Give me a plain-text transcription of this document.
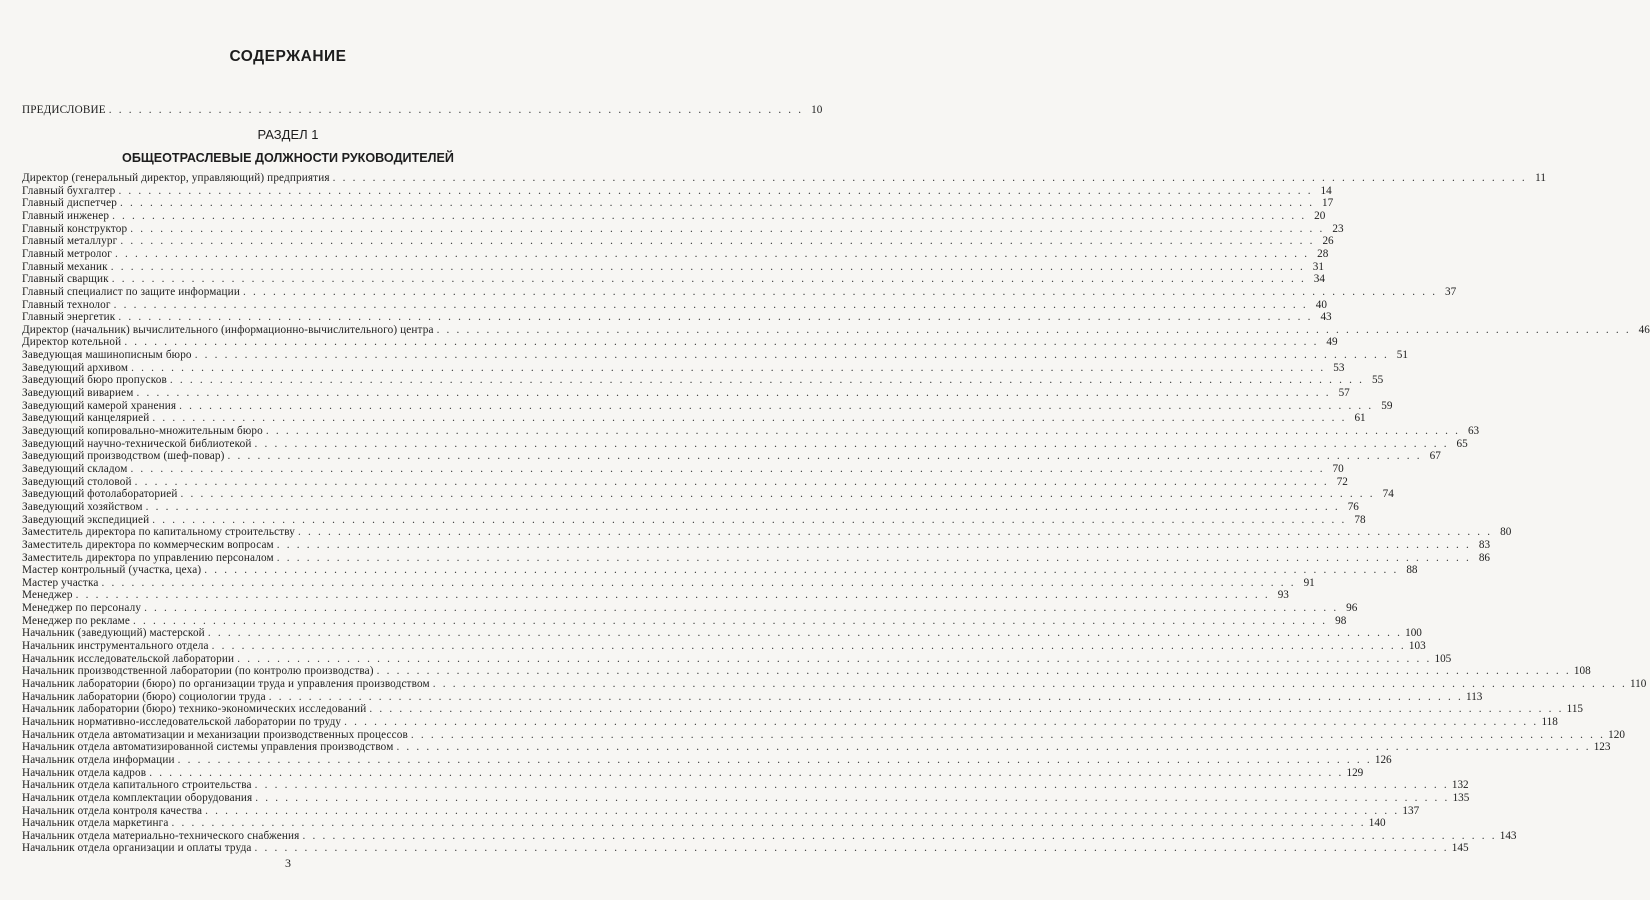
СОДЕРЖАНИЕ
ПРЕДИСЛОВИЕ . . . . . . . . . . . . . . . . . . . . . . . . . . . . . . . . . . . . . . . . . . . . . . . . . . . . . . . . . . . . . . . . . . . . . . 10
РАЗДЕЛ 1
ОБЩЕОТРАСЛЕВЫЕ ДОЛЖНОСТИ РУКОВОДИТЕЛЕЙ
Директор (генеральный директор, управляющий) предприятия . . . . . . . . . . . . . . . . . . . . . . . . . . . . . . . . . . . . . . . . . . . . . . . . . . . . . . . . . . . . . . . . . . . . . . . . . . . . . . . . . . . . . . . . . . . . . . . . . . . . . . . . . . . . . . . . . . . . . . . . 11
Главный бухгалтер . . . . . . . . . . . . . . . . . . . . . . . . . . . . . . . . . . . . . . . . . . . . . . . . . . . . . . . . . . . . . . . . . . . . . . . . . . . . . . . . . . . . . . . . . . . . . . . . . . . . . . . . . . . . . . . . . . . . . . . . 14
Главный диспетчер . . . . . . . . . . . . . . . . . . . . . . . . . . . . . . . . . . . . . . . . . . . . . . . . . . . . . . . . . . . . . . . . . . . . . . . . . . . . . . . . . . . . . . . . . . . . . . . . . . . . . . . . . . . . . . . . . . . . . . . . 17
Главный инженер . . . . . . . . . . . . . . . . . . . . . . . . . . . . . . . . . . . . . . . . . . . . . . . . . . . . . . . . . . . . . . . . . . . . . . . . . . . . . . . . . . . . . . . . . . . . . . . . . . . . . . . . . . . . . . . . . . . . . . . . 20
Главный конструктор . . . . . . . . . . . . . . . . . . . . . . . . . . . . . . . . . . . . . . . . . . . . . . . . . . . . . . . . . . . . . . . . . . . . . . . . . . . . . . . . . . . . . . . . . . . . . . . . . . . . . . . . . . . . . . . . . . . . . . . . 23
Главный металлург . . . . . . . . . . . . . . . . . . . . . . . . . . . . . . . . . . . . . . . . . . . . . . . . . . . . . . . . . . . . . . . . . . . . . . . . . . . . . . . . . . . . . . . . . . . . . . . . . . . . . . . . . . . . . . . . . . . . . . . . 26
Главный метролог . . . . . . . . . . . . . . . . . . . . . . . . . . . . . . . . . . . . . . . . . . . . . . . . . . . . . . . . . . . . . . . . . . . . . . . . . . . . . . . . . . . . . . . . . . . . . . . . . . . . . . . . . . . . . . . . . . . . . . . . 28
Главный механик . . . . . . . . . . . . . . . . . . . . . . . . . . . . . . . . . . . . . . . . . . . . . . . . . . . . . . . . . . . . . . . . . . . . . . . . . . . . . . . . . . . . . . . . . . . . . . . . . . . . . . . . . . . . . . . . . . . . . . . . 31
Главный сварщик . . . . . . . . . . . . . . . . . . . . . . . . . . . . . . . . . . . . . . . . . . . . . . . . . . . . . . . . . . . . . . . . . . . . . . . . . . . . . . . . . . . . . . . . . . . . . . . . . . . . . . . . . . . . . . . . . . . . . . . . 34
Главный специалист по защите информации . . . . . . . . . . . . . . . . . . . . . . . . . . . . . . . . . . . . . . . . . . . . . . . . . . . . . . . . . . . . . . . . . . . . . . . . . . . . . . . . . . . . . . . . . . . . . . . . . . . . . . . . . . . . . . . . . . . . . . . . 37
Главный технолог . . . . . . . . . . . . . . . . . . . . . . . . . . . . . . . . . . . . . . . . . . . . . . . . . . . . . . . . . . . . . . . . . . . . . . . . . . . . . . . . . . . . . . . . . . . . . . . . . . . . . . . . . . . . . . . . . . . . . . . . 40
Главный энергетик . . . . . . . . . . . . . . . . . . . . . . . . . . . . . . . . . . . . . . . . . . . . . . . . . . . . . . . . . . . . . . . . . . . . . . . . . . . . . . . . . . . . . . . . . . . . . . . . . . . . . . . . . . . . . . . . . . . . . . . . 43
Директор (начальник) вычислительного (информационно-вычислительного) центра . . . . . . . . . . . . . . . . . . . . . . . . . . . . . . . . . . . . . . . . . . . . . . . . . . . . . . . . . . . . . . . . . . . . . . . . . . . . . . . . . . . . . . . . . . . . . . . . . . . . . . . . . . . . . . . . . . . . . . . . 46
Директор котельной . . . . . . . . . . . . . . . . . . . . . . . . . . . . . . . . . . . . . . . . . . . . . . . . . . . . . . . . . . . . . . . . . . . . . . . . . . . . . . . . . . . . . . . . . . . . . . . . . . . . . . . . . . . . . . . . . . . . . . . . 49
Заведующая машинописным бюро . . . . . . . . . . . . . . . . . . . . . . . . . . . . . . . . . . . . . . . . . . . . . . . . . . . . . . . . . . . . . . . . . . . . . . . . . . . . . . . . . . . . . . . . . . . . . . . . . . . . . . . . . . . . . . . . . . . . . . . . 51
Заведующий архивом . . . . . . . . . . . . . . . . . . . . . . . . . . . . . . . . . . . . . . . . . . . . . . . . . . . . . . . . . . . . . . . . . . . . . . . . . . . . . . . . . . . . . . . . . . . . . . . . . . . . . . . . . . . . . . . . . . . . . . . . 53
Заведующий бюро пропусков . . . . . . . . . . . . . . . . . . . . . . . . . . . . . . . . . . . . . . . . . . . . . . . . . . . . . . . . . . . . . . . . . . . . . . . . . . . . . . . . . . . . . . . . . . . . . . . . . . . . . . . . . . . . . . . . . . . . . . . . 55
Заведующий виварием . . . . . . . . . . . . . . . . . . . . . . . . . . . . . . . . . . . . . . . . . . . . . . . . . . . . . . . . . . . . . . . . . . . . . . . . . . . . . . . . . . . . . . . . . . . . . . . . . . . . . . . . . . . . . . . . . . . . . . . . 57
Заведующий камерой хранения . . . . . . . . . . . . . . . . . . . . . . . . . . . . . . . . . . . . . . . . . . . . . . . . . . . . . . . . . . . . . . . . . . . . . . . . . . . . . . . . . . . . . . . . . . . . . . . . . . . . . . . . . . . . . . . . . . . . . . . . 59
Заведующий канцелярией . . . . . . . . . . . . . . . . . . . . . . . . . . . . . . . . . . . . . . . . . . . . . . . . . . . . . . . . . . . . . . . . . . . . . . . . . . . . . . . . . . . . . . . . . . . . . . . . . . . . . . . . . . . . . . . . . . . . . . . . 61
Заведующий копировально-множительным бюро . . . . . . . . . . . . . . . . . . . . . . . . . . . . . . . . . . . . . . . . . . . . . . . . . . . . . . . . . . . . . . . . . . . . . . . . . . . . . . . . . . . . . . . . . . . . . . . . . . . . . . . . . . . . . . . . . . . . . . . . 63
Заведующий научно-технической библиотекой . . . . . . . . . . . . . . . . . . . . . . . . . . . . . . . . . . . . . . . . . . . . . . . . . . . . . . . . . . . . . . . . . . . . . . . . . . . . . . . . . . . . . . . . . . . . . . . . . . . . . . . . . . . . . . . . . . . . . . . . 65
Заведующий производством (шеф-повар) . . . . . . . . . . . . . . . . . . . . . . . . . . . . . . . . . . . . . . . . . . . . . . . . . . . . . . . . . . . . . . . . . . . . . . . . . . . . . . . . . . . . . . . . . . . . . . . . . . . . . . . . . . . . . . . . . . . . . . . . 67
Заведующий складом . . . . . . . . . . . . . . . . . . . . . . . . . . . . . . . . . . . . . . . . . . . . . . . . . . . . . . . . . . . . . . . . . . . . . . . . . . . . . . . . . . . . . . . . . . . . . . . . . . . . . . . . . . . . . . . . . . . . . . . . 70
Заведующий столовой . . . . . . . . . . . . . . . . . . . . . . . . . . . . . . . . . . . . . . . . . . . . . . . . . . . . . . . . . . . . . . . . . . . . . . . . . . . . . . . . . . . . . . . . . . . . . . . . . . . . . . . . . . . . . . . . . . . . . . . . 72
Заведующий фотолабораторией . . . . . . . . . . . . . . . . . . . . . . . . . . . . . . . . . . . . . . . . . . . . . . . . . . . . . . . . . . . . . . . . . . . . . . . . . . . . . . . . . . . . . . . . . . . . . . . . . . . . . . . . . . . . . . . . . . . . . . . . 74
Заведующий хозяйством . . . . . . . . . . . . . . . . . . . . . . . . . . . . . . . . . . . . . . . . . . . . . . . . . . . . . . . . . . . . . . . . . . . . . . . . . . . . . . . . . . . . . . . . . . . . . . . . . . . . . . . . . . . . . . . . . . . . . . . . 76
Заведующий экспедицией . . . . . . . . . . . . . . . . . . . . . . . . . . . . . . . . . . . . . . . . . . . . . . . . . . . . . . . . . . . . . . . . . . . . . . . . . . . . . . . . . . . . . . . . . . . . . . . . . . . . . . . . . . . . . . . . . . . . . . . . 78
Заместитель директора по капитальному строительству . . . . . . . . . . . . . . . . . . . . . . . . . . . . . . . . . . . . . . . . . . . . . . . . . . . . . . . . . . . . . . . . . . . . . . . . . . . . . . . . . . . . . . . . . . . . . . . . . . . . . . . . . . . . . . . . . . . . . . . . 80
Заместитель директора по коммерческим вопросам . . . . . . . . . . . . . . . . . . . . . . . . . . . . . . . . . . . . . . . . . . . . . . . . . . . . . . . . . . . . . . . . . . . . . . . . . . . . . . . . . . . . . . . . . . . . . . . . . . . . . . . . . . . . . . . . . . . . . . . . 83
Заместитель директора по управлению персоналом . . . . . . . . . . . . . . . . . . . . . . . . . . . . . . . . . . . . . . . . . . . . . . . . . . . . . . . . . . . . . . . . . . . . . . . . . . . . . . . . . . . . . . . . . . . . . . . . . . . . . . . . . . . . . . . . . . . . . . . . 86
Мастер контрольный (участка, цеха) . . . . . . . . . . . . . . . . . . . . . . . . . . . . . . . . . . . . . . . . . . . . . . . . . . . . . . . . . . . . . . . . . . . . . . . . . . . . . . . . . . . . . . . . . . . . . . . . . . . . . . . . . . . . . . . . . . . . . . . . 88
Мастер участка . . . . . . . . . . . . . . . . . . . . . . . . . . . . . . . . . . . . . . . . . . . . . . . . . . . . . . . . . . . . . . . . . . . . . . . . . . . . . . . . . . . . . . . . . . . . . . . . . . . . . . . . . . . . . . . . . . . . . . . . 91
Менеджер . . . . . . . . . . . . . . . . . . . . . . . . . . . . . . . . . . . . . . . . . . . . . . . . . . . . . . . . . . . . . . . . . . . . . . . . . . . . . . . . . . . . . . . . . . . . . . . . . . . . . . . . . . . . . . . . . . . . . . . . 93
Менеджер по персоналу . . . . . . . . . . . . . . . . . . . . . . . . . . . . . . . . . . . . . . . . . . . . . . . . . . . . . . . . . . . . . . . . . . . . . . . . . . . . . . . . . . . . . . . . . . . . . . . . . . . . . . . . . . . . . . . . . . . . . . . . 96
Менеджер по рекламе . . . . . . . . . . . . . . . . . . . . . . . . . . . . . . . . . . . . . . . . . . . . . . . . . . . . . . . . . . . . . . . . . . . . . . . . . . . . . . . . . . . . . . . . . . . . . . . . . . . . . . . . . . . . . . . . . . . . . . . . 98
Начальник (заведующий) мастерской . . . . . . . . . . . . . . . . . . . . . . . . . . . . . . . . . . . . . . . . . . . . . . . . . . . . . . . . . . . . . . . . . . . . . . . . . . . . . . . . . . . . . . . . . . . . . . . . . . . . . . . . . . . . . . . . . . . . . . . . 100
Начальник инструментального отдела . . . . . . . . . . . . . . . . . . . . . . . . . . . . . . . . . . . . . . . . . . . . . . . . . . . . . . . . . . . . . . . . . . . . . . . . . . . . . . . . . . . . . . . . . . . . . . . . . . . . . . . . . . . . . . . . . . . . . . . . 103
Начальник исследовательской лаборатории . . . . . . . . . . . . . . . . . . . . . . . . . . . . . . . . . . . . . . . . . . . . . . . . . . . . . . . . . . . . . . . . . . . . . . . . . . . . . . . . . . . . . . . . . . . . . . . . . . . . . . . . . . . . . . . . . . . . . . . . 105
Начальник производственной лаборатории (по контролю производства) . . . . . . . . . . . . . . . . . . . . . . . . . . . . . . . . . . . . . . . . . . . . . . . . . . . . . . . . . . . . . . . . . . . . . . . . . . . . . . . . . . . . . . . . . . . . . . . . . . . . . . . . . . . . . . . . . . . . . . . . 108
Начальник лаборатории (бюро) по организации труда и управления производством . . . . . . . . . . . . . . . . . . . . . . . . . . . . . . . . . . . . . . . . . . . . . . . . . . . . . . . . . . . . . . . . . . . . . . . . . . . . . . . . . . . . . . . . . . . . . . . . . . . . . . . . . . . . . . . . . . . . . . . . 110
Начальник лаборатории (бюро) социологии труда . . . . . . . . . . . . . . . . . . . . . . . . . . . . . . . . . . . . . . . . . . . . . . . . . . . . . . . . . . . . . . . . . . . . . . . . . . . . . . . . . . . . . . . . . . . . . . . . . . . . . . . . . . . . . . . . . . . . . . . . 113
Начальник лаборатории (бюро) технико-экономических исследований . . . . . . . . . . . . . . . . . . . . . . . . . . . . . . . . . . . . . . . . . . . . . . . . . . . . . . . . . . . . . . . . . . . . . . . . . . . . . . . . . . . . . . . . . . . . . . . . . . . . . . . . . . . . . . . . . . . . . . . . 115
Начальник нормативно-исследовательской лаборатории по труду . . . . . . . . . . . . . . . . . . . . . . . . . . . . . . . . . . . . . . . . . . . . . . . . . . . . . . . . . . . . . . . . . . . . . . . . . . . . . . . . . . . . . . . . . . . . . . . . . . . . . . . . . . . . . . . . . . . . . . . . 118
Начальник отдела автоматизации и механизации производственных процессов . . . . . . . . . . . . . . . . . . . . . . . . . . . . . . . . . . . . . . . . . . . . . . . . . . . . . . . . . . . . . . . . . . . . . . . . . . . . . . . . . . . . . . . . . . . . . . . . . . . . . . . . . . . . . . . . . . . . . . . . 120
Начальник отдела автоматизированной системы управления производством . . . . . . . . . . . . . . . . . . . . . . . . . . . . . . . . . . . . . . . . . . . . . . . . . . . . . . . . . . . . . . . . . . . . . . . . . . . . . . . . . . . . . . . . . . . . . . . . . . . . . . . . . . . . . . . . . . . . . . . . 123
Начальник отдела информации . . . . . . . . . . . . . . . . . . . . . . . . . . . . . . . . . . . . . . . . . . . . . . . . . . . . . . . . . . . . . . . . . . . . . . . . . . . . . . . . . . . . . . . . . . . . . . . . . . . . . . . . . . . . . . . . . . . . . . . . 126
Начальник отдела кадров . . . . . . . . . . . . . . . . . . . . . . . . . . . . . . . . . . . . . . . . . . . . . . . . . . . . . . . . . . . . . . . . . . . . . . . . . . . . . . . . . . . . . . . . . . . . . . . . . . . . . . . . . . . . . . . . . . . . . . . . 129
Начальник отдела капитального строительства . . . . . . . . . . . . . . . . . . . . . . . . . . . . . . . . . . . . . . . . . . . . . . . . . . . . . . . . . . . . . . . . . . . . . . . . . . . . . . . . . . . . . . . . . . . . . . . . . . . . . . . . . . . . . . . . . . . . . . . . 132
Начальник отдела комплектации оборудования . . . . . . . . . . . . . . . . . . . . . . . . . . . . . . . . . . . . . . . . . . . . . . . . . . . . . . . . . . . . . . . . . . . . . . . . . . . . . . . . . . . . . . . . . . . . . . . . . . . . . . . . . . . . . . . . . . . . . . . . 135
Начальник отдела контроля качества . . . . . . . . . . . . . . . . . . . . . . . . . . . . . . . . . . . . . . . . . . . . . . . . . . . . . . . . . . . . . . . . . . . . . . . . . . . . . . . . . . . . . . . . . . . . . . . . . . . . . . . . . . . . . . . . . . . . . . . . 137
Начальник отдела маркетинга . . . . . . . . . . . . . . . . . . . . . . . . . . . . . . . . . . . . . . . . . . . . . . . . . . . . . . . . . . . . . . . . . . . . . . . . . . . . . . . . . . . . . . . . . . . . . . . . . . . . . . . . . . . . . . . . . . . . . . . . 140
Начальник отдела материально-технического снабжения . . . . . . . . . . . . . . . . . . . . . . . . . . . . . . . . . . . . . . . . . . . . . . . . . . . . . . . . . . . . . . . . . . . . . . . . . . . . . . . . . . . . . . . . . . . . . . . . . . . . . . . . . . . . . . . . . . . . . . . . 143
Начальник отдела организации и оплаты труда . . . . . . . . . . . . . . . . . . . . . . . . . . . . . . . . . . . . . . . . . . . . . . . . . . . . . . . . . . . . . . . . . . . . . . . . . . . . . . . . . . . . . . . . . . . . . . . . . . . . . . . . . . . . . . . . . . . . . . . . 145
3
